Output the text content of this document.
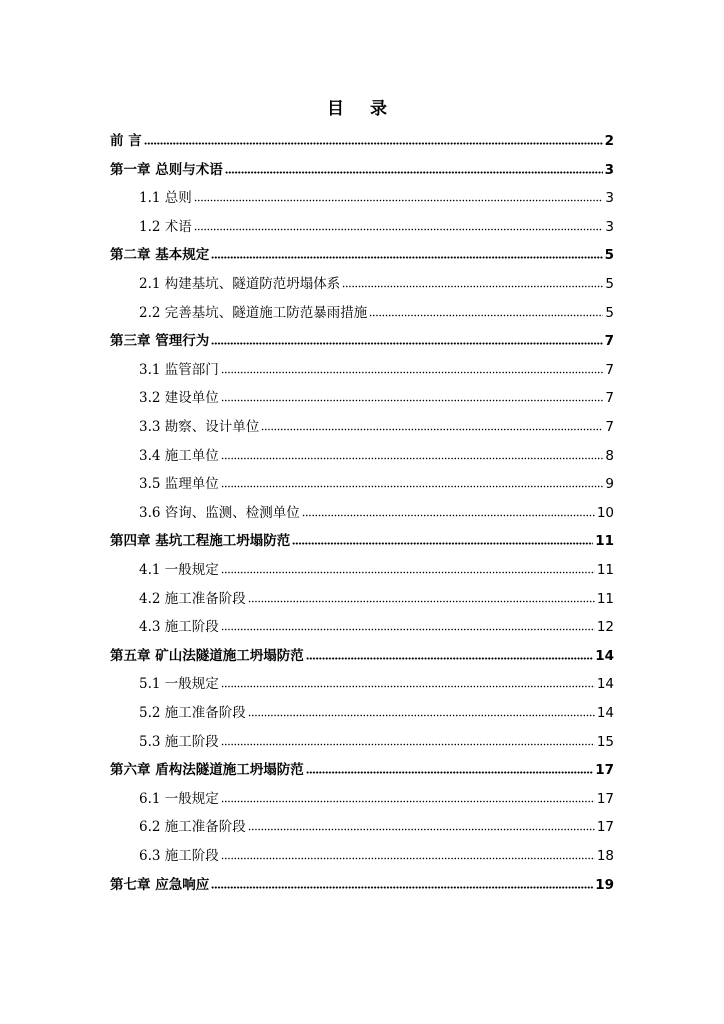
目 录
前 言	2
第一章 总则与术语	3
1.1 总则	3
1.2 术语	3
第二章 基本规定	5
2.1 构建基坑、隧道防范坍塌体系	5
2.2 完善基坑、隧道施工防范暴雨措施	5
第三章 管理行为	7
3.1 监管部门	7
3.2 建设单位	7
3.3 勘察、设计单位	7
3.4 施工单位	8
3.5 监理单位	9
3.6 咨询、监测、检测单位	10
第四章 基坑工程施工坍塌防范	11
4.1 一般规定	11
4.2 施工准备阶段	11
4.3 施工阶段	12
第五章 矿山法隧道施工坍塌防范	14
5.1 一般规定	14
5.2 施工准备阶段	14
5.3 施工阶段	15
第六章 盾构法隧道施工坍塌防范	17
6.1 一般规定	17
6.2 施工准备阶段	17
6.3 施工阶段	18
第七章 应急响应	19
